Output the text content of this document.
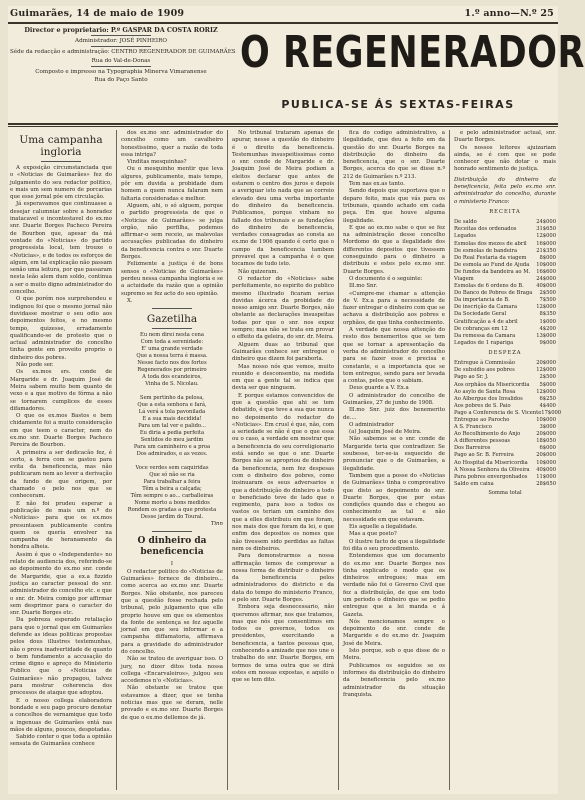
Guimarães, 14 de maio de 1909	1.º anno—N.º 25
Director e proprietario: P.º GASPAR DA COSTA RORIZ
Administrador: JOSÉ PINHEIRO
Séde da redacção e administração: CENTRO REGENERADOR DE GUIMARÃES
Rua do Val-de-Donas
Composto e impresso na Typographia Minerva Vimaranense
Rua do Paço Santo
O REGENERADOR
PUBLICA-SE ÁS SEXTAS-FEIRAS
Uma campanha ingloria

A exposição circumstanciada que o «Noticias de Guimarães» fez do julgamento do seu redactor politico, e mais um sem numero de porcarias que esse jornal póe em circulação.

Já esperavamos que continuasse a desejar calumniar sobre a honradez inatacavel e incontestavel do ex.mo snr. Duarte Borges Pacheco Pereira de Bourbon que, apesar da má vontade do «Noticias» do partido progressista local, tem trouxe o «Noticias», e de todos os esforços de algum, em tal explicação não passam senão uma leitura, por que passaram nesta leão alem dum soldo, continua a ser o muito digno administrador do concelho.

O que porém nos surprehendeu e indignou foi que o mesmo jornal não duvidasse mostrar o seu odio aos depoimentos feitos, e no mesmo tempo, quizesse, erradamente qualificando-se de protesto que o actual administrador do concelho tinha gente em proveito proprio o dinheiro dos pobres.

Não pode ser.

Os ex.mos srs. conde de Margaride e dr. Joaquim José de Meira sabem muito bem quanto de vexo e a que motivo de fórma a não se tornarem cumplices de esses difamadores.

O que os ex.mos Bastos e bem chidamente foi a muito consideração em que teem o caracter, nem do ex.mo snr. Duarte Borges Pacheco Pereira de Bourbon.

A primeira a ser dedicacão fez, é certo, a ferra com se gastou para evita da beneficencia, mas não publicaram nem ao lever a derivação da fundo de que origem, por chamado o pelo nos que se conheceram.

E não foi prudeu esperar a publicação de mais um n.º do «Noticias» para que os ex.mos presuntasen publicamente contra quem os quería envolver na campanha de heranamento da hondra alheia.

Assim é que o «Independente» no relato de audiencia dos, referindo-se ao depoimento do ex.mo snr. conde de Margaride, que a ex.a fizzido justiça ao caracter pessoal do snr. administrador do concelho etc. e que o snr. dr. Meira comigo por affirmar sem desprimor para o caracter do snr. Duarte Borges etc.

Da pobreza esperado retaliação para que o jornal que em Guimarães defende as ideas politicas propostas pelos dous illustres testemunhas, não o prova inadvertidade de quanto o bem fundamento a accusação do crime digno e apreço do Ministerio Publico que o «Noticias de Guimarães» não propagou, talvez para mostrar coherencia dos processos de ataque que adoptou.

E o nosso collega elaboradora bondade e seu pago procuro denotar a concelhos de vernamique que todo a ingenuas de Guimarães entá nas mãos de alguns, poucos, despotadas.

Sabido conter o que toda a opinião sensata de Guimarães conhece

dos ex.mo snr. administrador do concelho como um cavalheiro honestissimo, quer a razão de toda essa intriga?

Vinditas mesquinhas?

Ou o mesquinho mentir que leva algures, publicamente, mais tempo, pôr em duvida a probidade dum homem a quem nunca falaram nem faltaria consideradas e melhor.

Alguem, ahi, o só alguem, porque o partido progressista de que o «Noticias de Guimarães» se julga orgão, não perfilha, podemos affirmar-o sem receio, as malevolas accusações publicadas do dinheiro da beneficencia contra o snr. Duarte Borges.

Felizmente a justiça é de bons sensos o «Noticias de Guimarães» perdeu nessa campanha ingloria e se a actuidade da razão que a opinião supremo se fez acto do seu opinião.

X.

Gazetilha
Eu nem direi nesta cena
Com toda a serenidade:
E' uma grande verdade
Que a nossa terra é massa.
Nesse facto nos dos fortes
Regenerados por primeiro
A toda dos ecandeiros,
Vinha de S. Nicolau.

Sem pertinho da pelosa,
Que a esta senhora e fará,
Lá verá a tola pavonilada
E a sua mais decidida!
Para um tal ver e palido...
Eu diria a pedia perfeita
Sentidos do meu jardim
Para um caminheiro e a proa
Dos admirados, e as vezes.

Voce verdes sem caquiridas
Que só não se ria
Para trabalhar a feira
Têm a beira a calçada;
Têm sempre o ao... carballeiras
Nome morto a bons medidos
Rondem os gradas a que protesta
Desse jardim do Toural.
Tinn
O dinheiro da beneficencia
I

O redactor politico do «Noticias de Guimarães» fornece de dinheiro... como acerca ao ex.mo snr. Duarte Borges. Não obstante, nos pareceu que a questão fosse rechada pelo tribunal, pelo julgamento que elle proprio houve em que os elementos da fonte de sentença se fez aquelle jornal em que seu informar e a campanha diffamatoria, affirmava para a gravidade do administrador do concelho.

Não se tratou de averiguar isso. O jury, no dizer ditos toda nossa collega «Encarvaleiros», julgou seu accedemos n'o «Noticias».

Não obstante se tratou que estavamos a dizer, que se tenha noticias mas que se deram, nelle provado e ex.mo snr. Duarte Borges de que o ex.mo dellemos de já.

No tribunal trataram apenas de apurar, nesse a questão do dinheiro é o direito da beneficencia. Testemunhas insuspeitissimas como o snr. conde de Margaride e dr. Joaquim José de Meira podiam a eleitos declarar que antes de estarem o centro dos juros e depois a averiguar isto nada que ao correio elevado deu uma verba importante do dinheiro da beneficencia. Publicamos, porque vinham no fallado dos tribunais e as fundações do dinheiro de beneficencia, verdades consagradas ao consta ao ex.mo de 1906 quando é certo que o campo da beneficencia tambem provavel que a campanha é o que tocamos de tudo isto.

Não quizeram.

O redactor do «Noticias» sabe perfeitamente, no espirito do publico mesmo illustrado ficaram serias duvidas ácerca da probidade do nosso amigo snr. Duarte Borges, não obstante as declarações insuspeitas todas por que o snr. nos expoz sempre; mas não se trata em provar o effeito da geleira, do snr. dr. Meira.

Alguem duas ao tribunal que Guimarães conhece ser entregue o dinheiro que dizem foi paraborla.

Mas nosso nós que vemos, muito reunido e desconsentio, na medida em que a gente tal se indica que devia ser que ninguem.

E porque estamos convencidos de que a questão que ahi se tem debatido, é que teve a sua que nunca no depoimento do redactor do «Noticias». Em crusl é que, não, com a seriedade se não é que o que essa ou o caso, a verdade em mostrar que a beneficencia do seu correligionario está sendo se que o snr. Duarte Borges não se apropriou de dinheiro da beneficencia, nem fez despesas com o dinheiro dos pobres, como insinuaram os seus adversarios e que a distribuição do dinheiro a todo o beneficiado teve de lado que o regimento, para isso a todos os vastos os teriam um caminho dos que a elles distribuiu em que foram, nos mais dos que foram da lei, e que enfim dos depositos os nomes que não tivessem sido perdidas as faltas nem os dinheiros.

Para demonstrarmos a nossa affirmação temos de comprovar a nossa forma de distribuir o dinheiro da beneficencia pelos administradores do districto e da data do tempo do ministerio Franco, e pelo snr. Duarte Borges.

Embora seja desnecessario, não queremos afirmar, nos que tratamos, mas que nós que consentimos em todos os governos, todos os presidentes, exercitando a beneficencia, a tantos pessoas que, conhecendo a amizade que nos une o trabalho do snr. Duarte Borges, em termos de uma outra que se dirá estes em nossas expostas, e aquilo o que se tem dito.

fica do codigo administrativo, a ilegalidade, que deu a feito em da questão do snr. Duarte Borges na distribuição do dinheiro da beneficencia, que o snr. Duarte Borges, acerca do que se disse n.º 212 de Guimarães n.º 213.

Tem nas ex.as tanto.

Sendo depois que suportava que o deparo feito, mais que vás para os tribunais, quando achado em cada peça. Em que houve alguma ilegalidade.

E que ao ex.mo sabe o que se fez na administração desse concelho Mordomo do que a ilegalidade dos differentes depositos que tivessem conseguindo para o dinheiro a distribuiu e estes pelo ex.mo snr. Duarte Borges.

O documento é o seguinte:

Ill.mo Snr.

«Cumpre-me chamar a attenção de V. Ex.a para a necessidade de fazer entregar o dinheiro com que se achava a distribuição aos pobres e orphãos, de que tinha conhecimento.

A verdade que nossa attenção do resto dos benemeritos que se tem que se tornar a apresentação da verba do administrador do concelho para se fazer esse e precisa e constante, e a importancia que se tem entregue, sendo para ser levada a contas, pelos que o sabiam.

Deus guarde a V. Ex.a

O administrador do concelho de Guimarães, 27 de junho de 1908.

Ill.mo Snr. juiz dos benemerito de....

O administrador

(a) Joaquim José de Meira.

Não sabemos se o snr. conde de Margaride teria que contradizer. Se soubesse, ter-se-ia esquecido de pronunciar que o de Guimarães, a ilegalidade.

Tambem que a posse do «Noticias de Guimarães» tinha o comprovativo que disto ao depoimento do snr. Duarte Borges, que por estas condições quando das e chegou ao conhecimento as tal e não necessidade em que estavam.

Eis aquelle a ilegalidade.

Mas a que posto?

O ilustre facto de que a ilegalidade foi dita o seu procedimento.

Entendemos que um documento do ex.mo snr. Duarte Borges nos tinha explicado o modo que os dinheiros entregues; mas em verdade não foi o Governo Civil que fez a distribuição, de que em todo um periodo o dinheiro que se pediu entregue que a lei manda e á Gazeta.

Nós mencionamos sempre o depoimento do snr. conde de Margaride e do ex.mo dr. Joaquim José de Meira.

Isto porque, sob o que disse de o Meira.

Publicamos os seguidos se os informes da distribuição do dinheiro da beneficencia pelo ex.mo administrador da situação franquista.

e pelo administrador actual, snr. Duarte Borges.

Os nossos leitores ajuizariam ainda, se é com que se pode conhecer que não dotar o mais honrado sentimento de justiça.

Distribuição do dinheiro da beneficencia, feita pelo ex.mo snr. administrador do concelho, durante o ministerio Franco:

RECEITA
De saldo	24$000
Receitas dos ordenados	31$650
Legados	12$000
Esmolas dos mezes de abril	16$000
De esmolas de bandeira	21$350
Do Real Festaria da viagem	8$000
De esmola ao Fund de Ajuda	10$000
De fundos da bandeira ao M.	16$600
Viagem	24$000
Esmolas de 6 ordens do B.	40$000
Do Banco de Pobres de Braga	2$500
Da importancia de B.	7$500
De inscrição da Camara	12$000
Da Sociedade Geral	8$350
Gratificação a 4 de abril	1$000
De cobranças em 12	4$200
Da remessa da Camara	13$000
Legados de 1 rapariga	9$000
DESPEZA
Entregue à Commissão	20$000
De subsidio aos pobres	12$000
Pago ao Sr. J.	2$500
Aos orphãos da Misericordia	5$000
Ao asylo de Santa Rosa	12$000
Ao Albergue dos Invalidos	6$250
Aos pobres de S. Paio	4$400
Pago a Conferencia de S. Vicente 17$000
Entregue ao Parocho	10$000
A S. Francisco	3$000
Ao Recolhimento do Anjo	20$000
A differentes pessoas	18$050
Dos Barreiros	6$000
Pago ao Sr. B. Ferreira	20$000
Ao Hospital da Misericordia	10$000
A Nossa Senhora da Oliveira	40$000
Para pobres envergonhados	11$000
Saldo em caixa	28$650
Somma total
